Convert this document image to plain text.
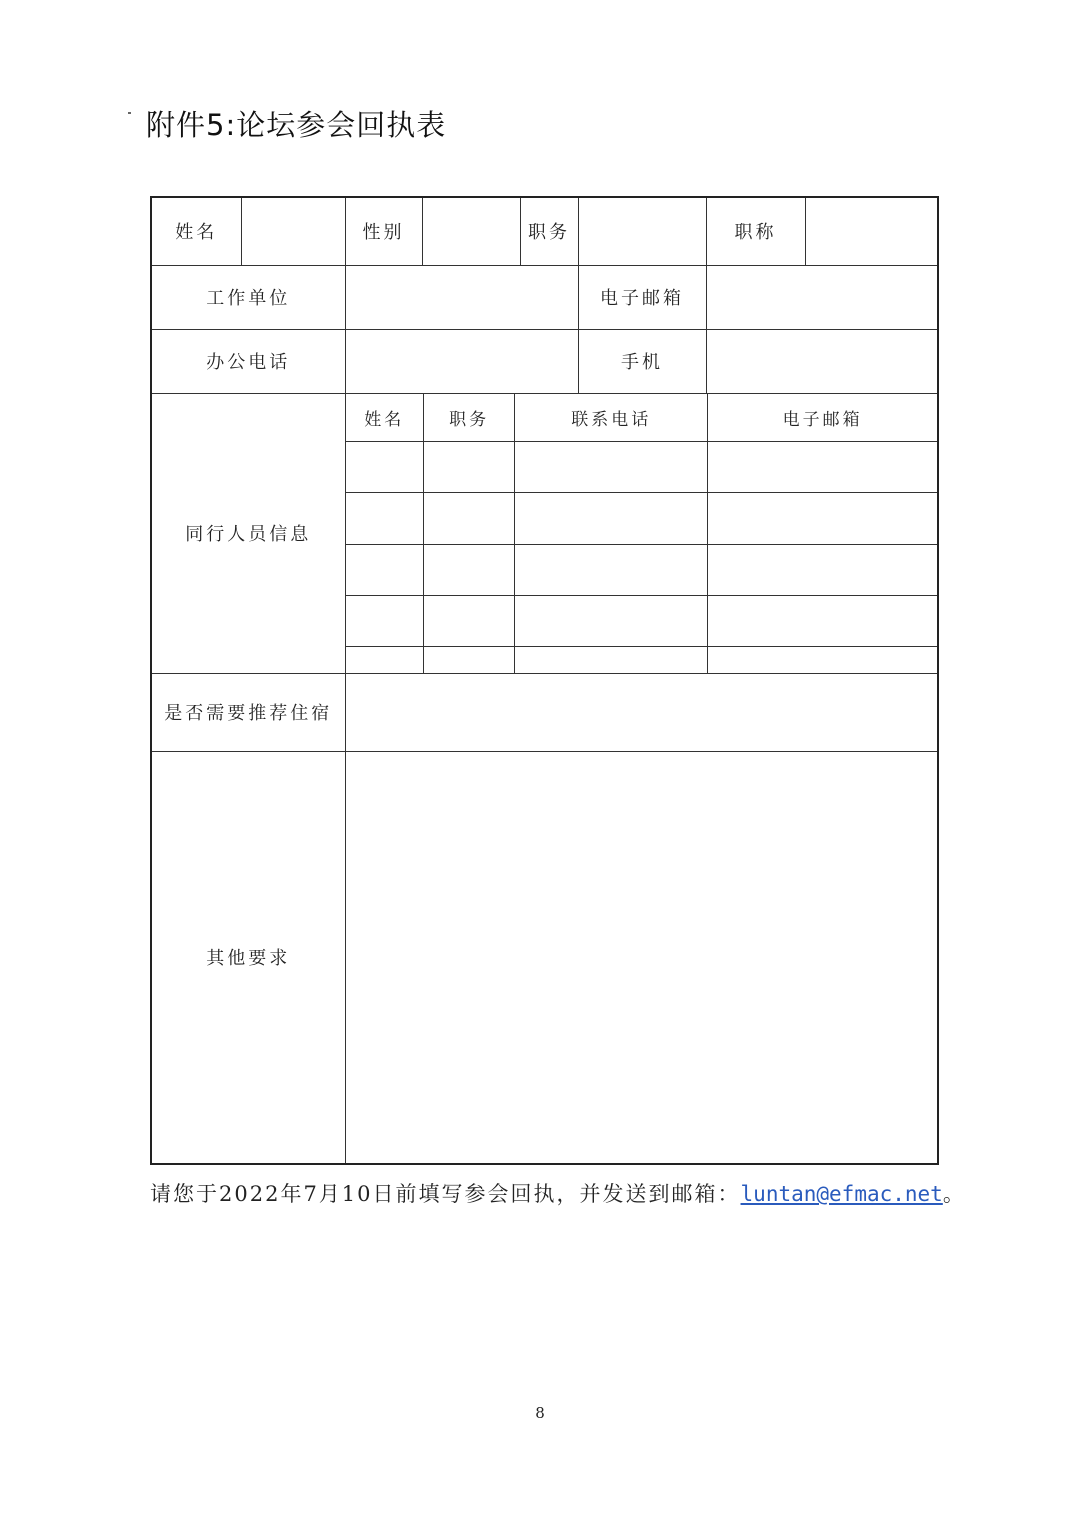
附件5:论坛参会回执表
姓名		性别		职务		职称	
工作单位		电子邮箱	
办公电话		手机	
同行人员信息	
姓名	职务	联系电话	电子邮箱

是否需要推荐住宿	
其他要求	
请您于2022年7月10日前填写参会回执，并发送到邮箱：luntan@efmac.net。
8
